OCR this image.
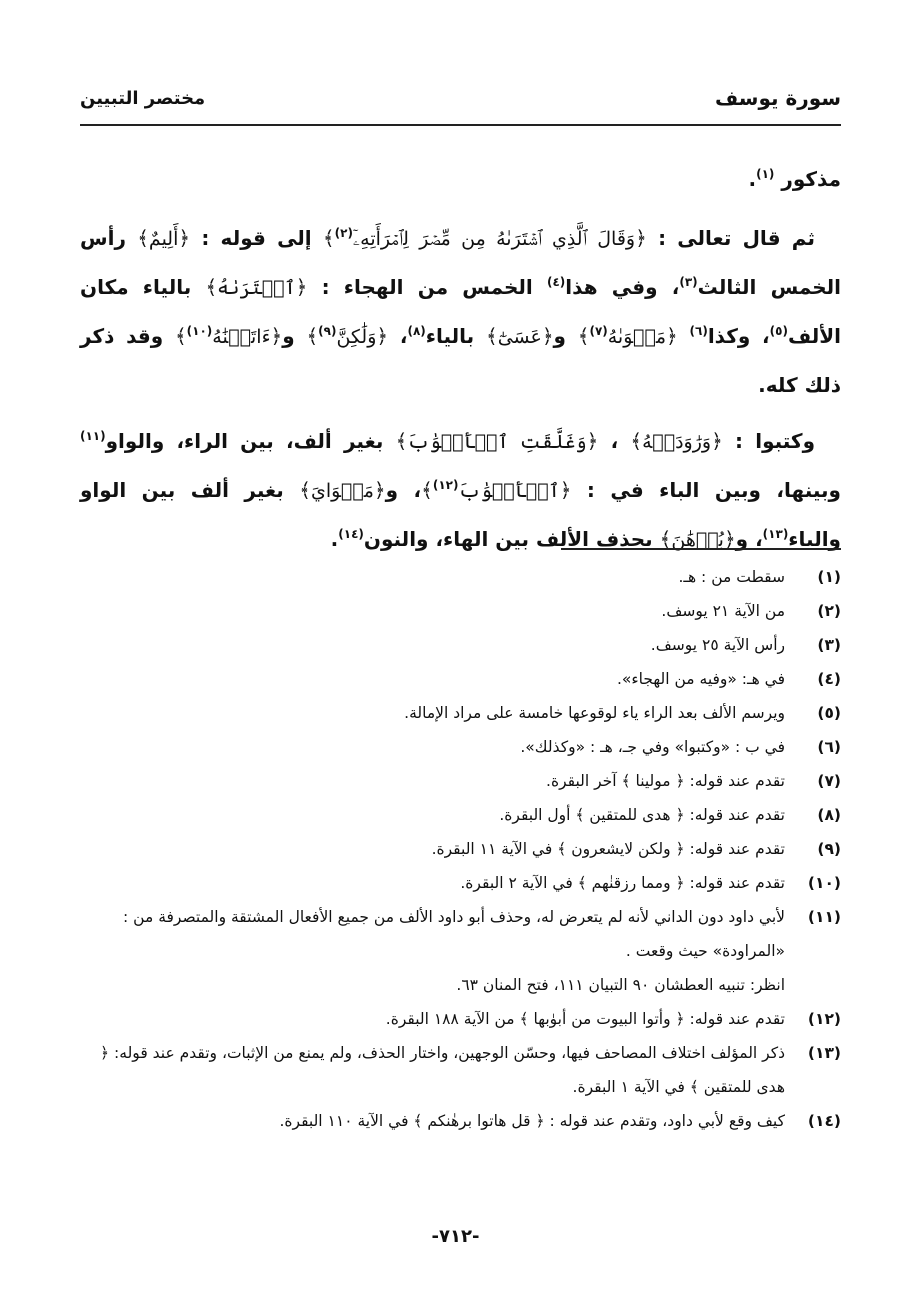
سورة يوسف
مختصر التبيين

مذكور $^{(١)}$.

ثم قال تعالى : ﴿وَقَالَ ٱلَّذِي ٱشۡتَرَىٰهُ مِن مِّصۡرَ لِٱمۡرَأَتِهِۦٓ$^{(٢)}$﴾ إلى قوله : ﴿أَلِيمٌ﴾ رأس الخمس الثالث$^{(٣)}$، وفي هذا$^{(٤)}$ الخمس من الهجاء : ﴿ٱشۡتَرَىٰهُ﴾ بالياء مكان الألف$^{(٥)}$، وكذا$^{(٦)}$ ﴿مَثۡوَىٰهُ$^{(٧)}$﴾ و﴿عَسَىٰٓ﴾ بالياء$^{(٨)}$، ﴿وَلَٰكِنَّ$^{(٩)}$﴾ و﴿ءَاتَيۡنَٰهُ$^{(١٠)}$﴾ وقد ذكر ذلك كله.

وكتبوا : ﴿وَرَٰوَدَتۡهُ﴾ ، ﴿وَغَلَّقَتِ ٱلۡأَبۡوَٰبَ﴾ بغير ألف، بين الراء، والواو$^{(١١)}$ وبينها، وبين الباء في : ﴿ٱلۡأَبۡوَٰبَ$^{(١٢)}$﴾، و﴿مَثۡوَايَ﴾ بغير ألف بين الواو والياء$^{(١٣)}$، و﴿بُرۡهَٰنَ﴾ بحذف الألف بين الهاء، والنون$^{(١٤)}$.

(١)
سقطت من : هـ.
(٢)
من الآية ٢١ يوسف.
(٣)
رأس الآية ٢٥ يوسف.
(٤)
في هـ: «وفيه من الهجاء».
(٥)
ويرسم الألف بعد الراء ياء لوقوعها خامسة على مراد الإمالة.
(٦)
في ب : «وكتبوا» وفي جـ، هـ : «وكذلك».
(٧)
تقدم عند قوله: ﴿ مولينا ﴾ آخر البقرة.
(٨)
تقدم عند قوله: ﴿ هدى للمتقين ﴾ أول البقرة.
(٩)
تقدم عند قوله: ﴿ ولكن لايشعرون ﴾ في الآية ١١ البقرة.
(١٠)
تقدم عند قوله: ﴿ ومما رزقنٰهم ﴾ في الآية ٢ البقرة.
(١١)
لأبي داود دون الداني لأنه لم يتعرض له، وحذف أبو داود الألف من جميع الأفعال المشتقة والمتصرفة من : «المراودة» حيث وقعت .
انظر: تنبيه العطشان ٩٠ التبيان ١١١، فتح المنان ٦٣.
(١٢)
تقدم عند قوله: ﴿ وأتوا البيوت من أبوٰبها ﴾ من الآية ١٨٨ البقرة.
(١٣)
ذكر المؤلف اختلاف المصاحف فيها، وحسّن الوجهين، واختار الحذف، ولم يمنع من الإثبات، وتقدم عند قوله: ﴿ هدى للمتقين ﴾ في الآية ١ البقرة.
(١٤)
كيف وقع لأبي داود، وتقدم عند قوله : ﴿ قل هاتوا برهٰنكم ﴾ في الآية ١١٠ البقرة.
-٧١٢-
